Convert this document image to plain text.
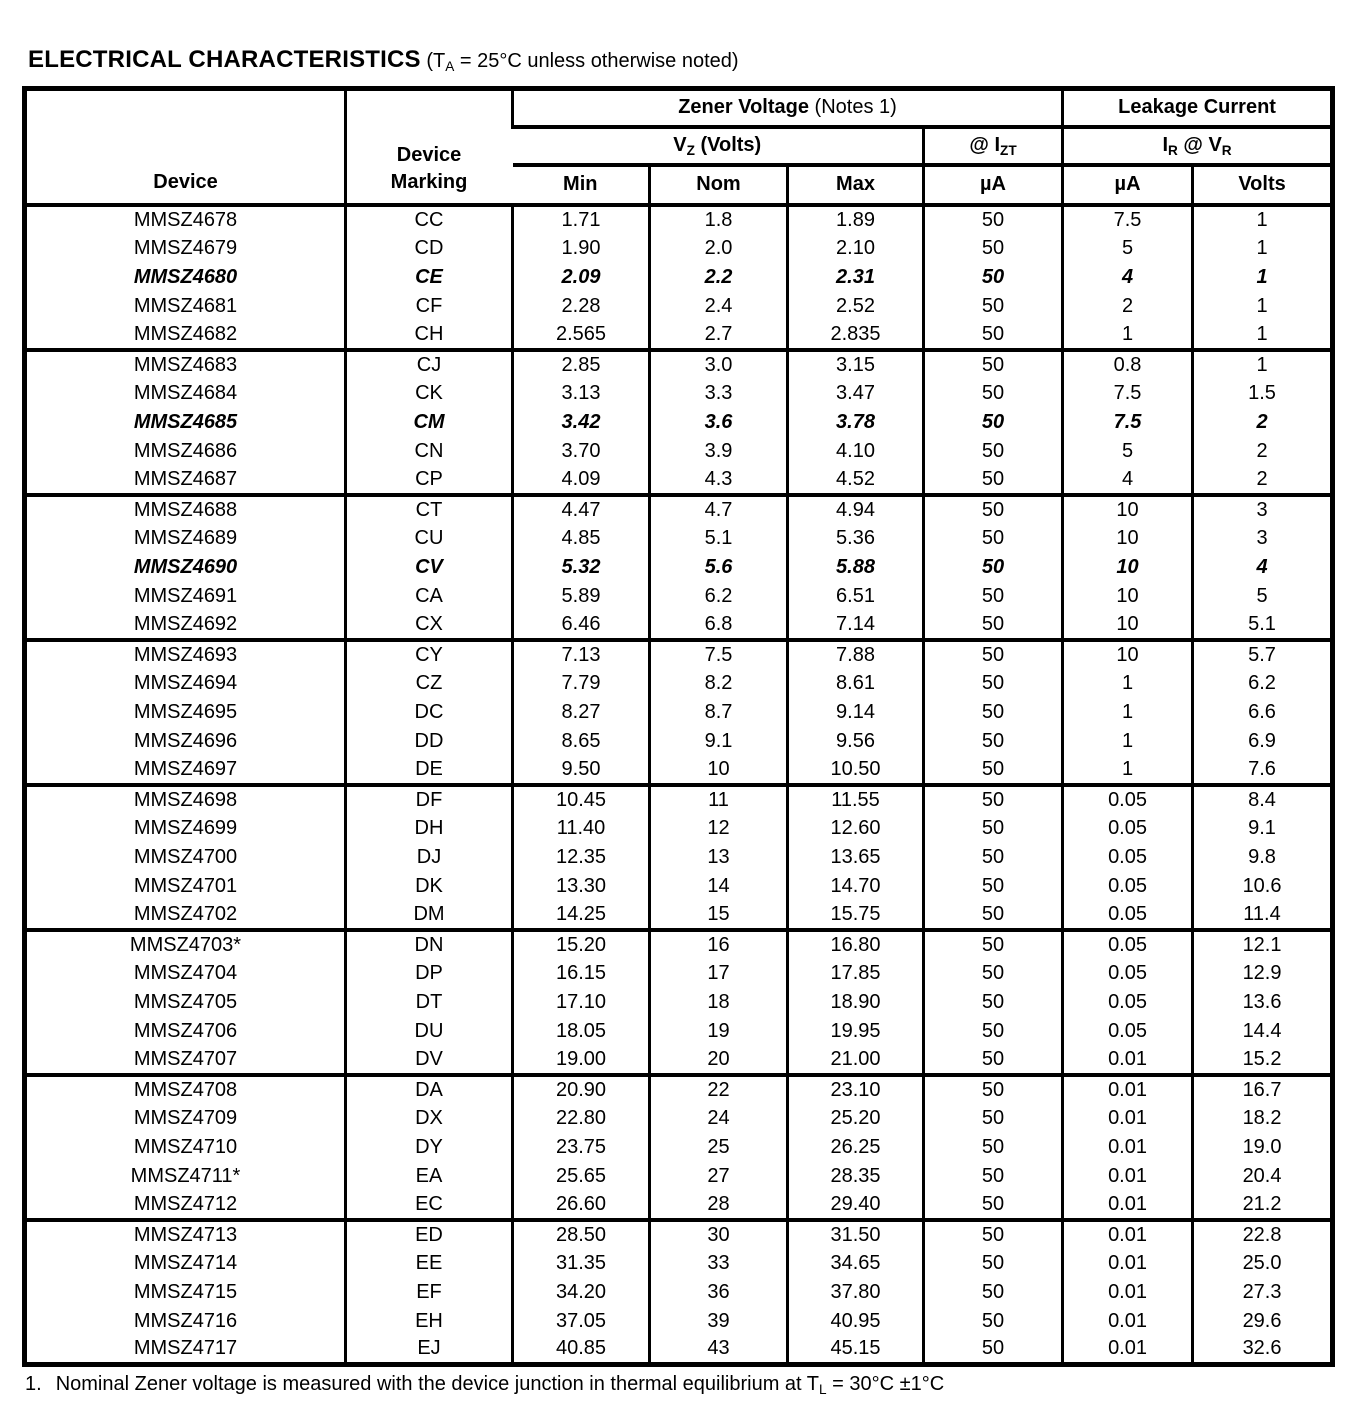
ELECTRICAL CHARACTERISTICS ($T_A = 25^\circ C$ unless otherwise noted)

Device	Device Marking	Zener Voltage (Notes 1)				Leakage Current	
		$V_Z$ (Volts)			@ $I_{ZT}$	$I_R$ @ $V_R$
		Min	Nom	Max	µA	µA	Volts
MMSZ4678	CC	1.71	1.8	1.89	50	7.5	1
MMSZ4679	CD	1.90	2.0	2.10	50	5	1
MMSZ4680	CE	2.09	2.2	2.31	50	4	1
MMSZ4681	CF	2.28	2.4	2.52	50	2	1
MMSZ4682	CH	2.565	2.7	2.835	50	1	1
MMSZ4683	CJ	2.85	3.0	3.15	50	0.8	1
MMSZ4684	CK	3.13	3.3	3.47	50	7.5	1.5
MMSZ4685	CM	3.42	3.6	3.78	50	7.5	2
MMSZ4686	CN	3.70	3.9	4.10	50	5	2
MMSZ4687	CP	4.09	4.3	4.52	50	4	2
MMSZ4688	CT	4.47	4.7	4.94	50	10	3
MMSZ4689	CU	4.85	5.1	5.36	50	10	3
MMSZ4690	CV	5.32	5.6	5.88	50	10	4
MMSZ4691	CA	5.89	6.2	6.51	50	10	5
MMSZ4692	CX	6.46	6.8	7.14	50	10	5.1
MMSZ4693	CY	7.13	7.5	7.88	50	10	5.7
MMSZ4694	CZ	7.79	8.2	8.61	50	1	6.2
MMSZ4695	DC	8.27	8.7	9.14	50	1	6.6
MMSZ4696	DD	8.65	9.1	9.56	50	1	6.9
MMSZ4697	DE	9.50	10	10.50	50	1	7.6
MMSZ4698	DF	10.45	11	11.55	50	0.05	8.4
MMSZ4699	DH	11.40	12	12.60	50	0.05	9.1
MMSZ4700	DJ	12.35	13	13.65	50	0.05	9.8
MMSZ4701	DK	13.30	14	14.70	50	0.05	10.6
MMSZ4702	DM	14.25	15	15.75	50	0.05	11.4
MMSZ4703*	DN	15.20	16	16.80	50	0.05	12.1
MMSZ4704	DP	16.15	17	17.85	50	0.05	12.9
MMSZ4705	DT	17.10	18	18.90	50	0.05	13.6
MMSZ4706	DU	18.05	19	19.95	50	0.05	14.4
MMSZ4707	DV	19.00	20	21.00	50	0.01	15.2
MMSZ4708	DA	20.90	22	23.10	50	0.01	16.7
MMSZ4709	DX	22.80	24	25.20	50	0.01	18.2
MMSZ4710	DY	23.75	25	26.25	50	0.01	19.0
MMSZ4711*	EA	25.65	27	28.35	50	0.01	20.4
MMSZ4712	EC	26.60	28	29.40	50	0.01	21.2
MMSZ4713	ED	28.50	30	31.50	50	0.01	22.8
MMSZ4714	EE	31.35	33	34.65	50	0.01	25.0
MMSZ4715	EF	34.20	36	37.80	50	0.01	27.3
MMSZ4716	EH	37.05	39	40.95	50	0.01	29.6
MMSZ4717	EJ	40.85	43	45.15	50	0.01	32.6

1. Nominal Zener voltage is measured with the device junction in thermal equilibrium at $T_L = 30^\circ C \pm 1^\circ C$
